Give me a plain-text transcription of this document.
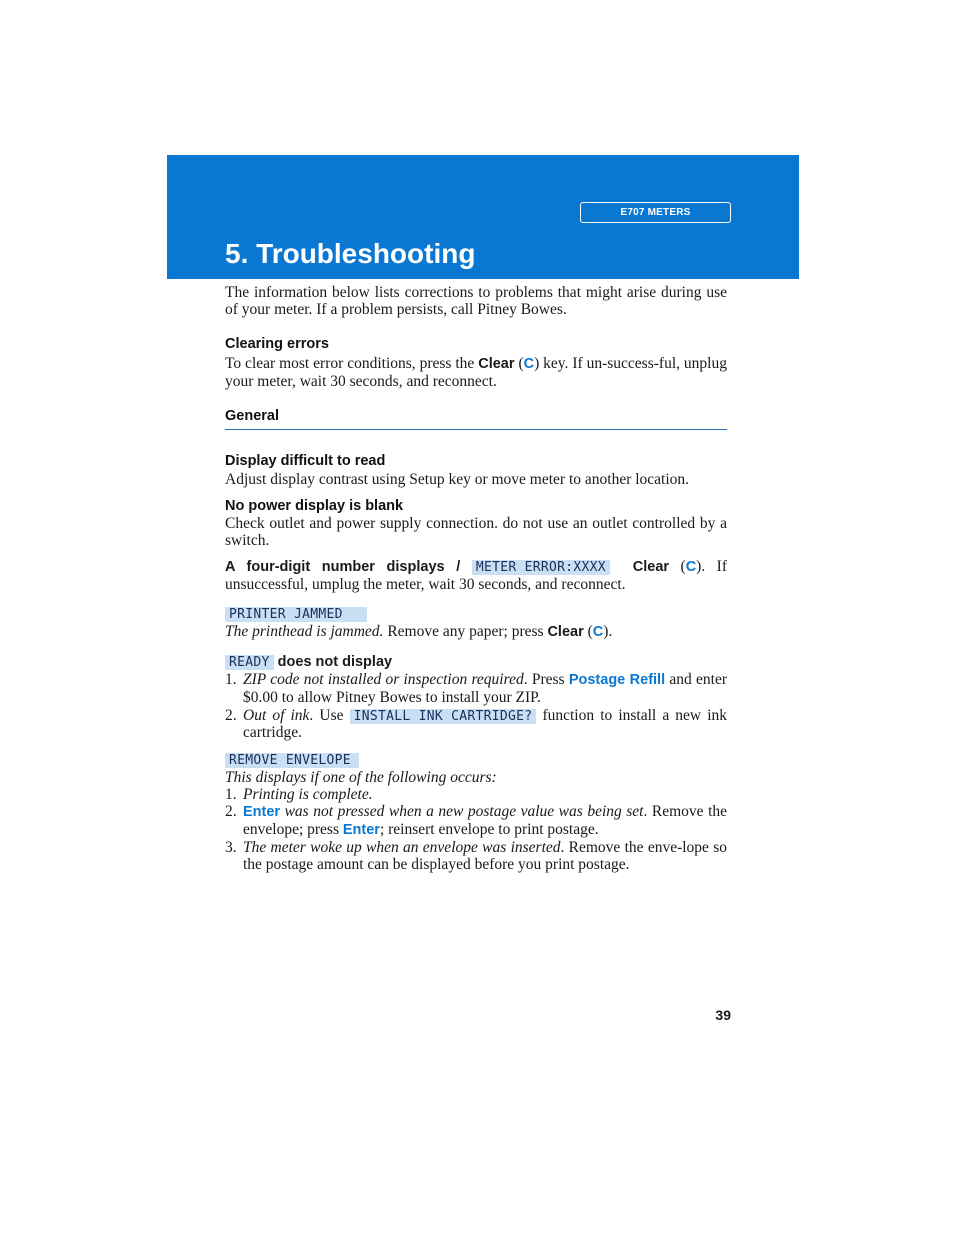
E707 METERS
5. Troubleshooting

The information below lists corrections to problems that might arise during use of your meter. If a problem persists, call Pitney Bowes.

Clearing errors

To clear most error conditions, press the Clear (C) key. If un-success-ful, unplug your meter, wait 30 seconds, and reconnect.

General
Display difficult to read

Adjust display contrast using Setup key or move meter to another location.

No power display is blank

Check outlet and power supply connection. do not use an outlet controlled by a switch.

A four-digit number displays / METER ERROR:XXXX Clear (C). If unsuccessful, umplug the meter, wait 30 seconds, and reconnect.

PRINTER JAMMED

The printhead is jammed. Remove any paper; press Clear (C).

READY does not display
1. ZIP code not installed or inspection required. Press Postage Refill and enter $0.00 to allow Pitney Bowes to install your ZIP.
2. Out of ink. Use INSTALL INK CARTRIDGE? function to install a new ink cartridge.
REMOVE ENVELOPE

This displays if one of the following occurs:

1. Printing is complete.
2. Enter was not pressed when a new postage value was being set. Remove the envelope; press Enter; reinsert envelope to print postage.
3. The meter woke up when an envelope was inserted. Remove the enve-lope so the postage amount can be displayed before you print postage.
39
